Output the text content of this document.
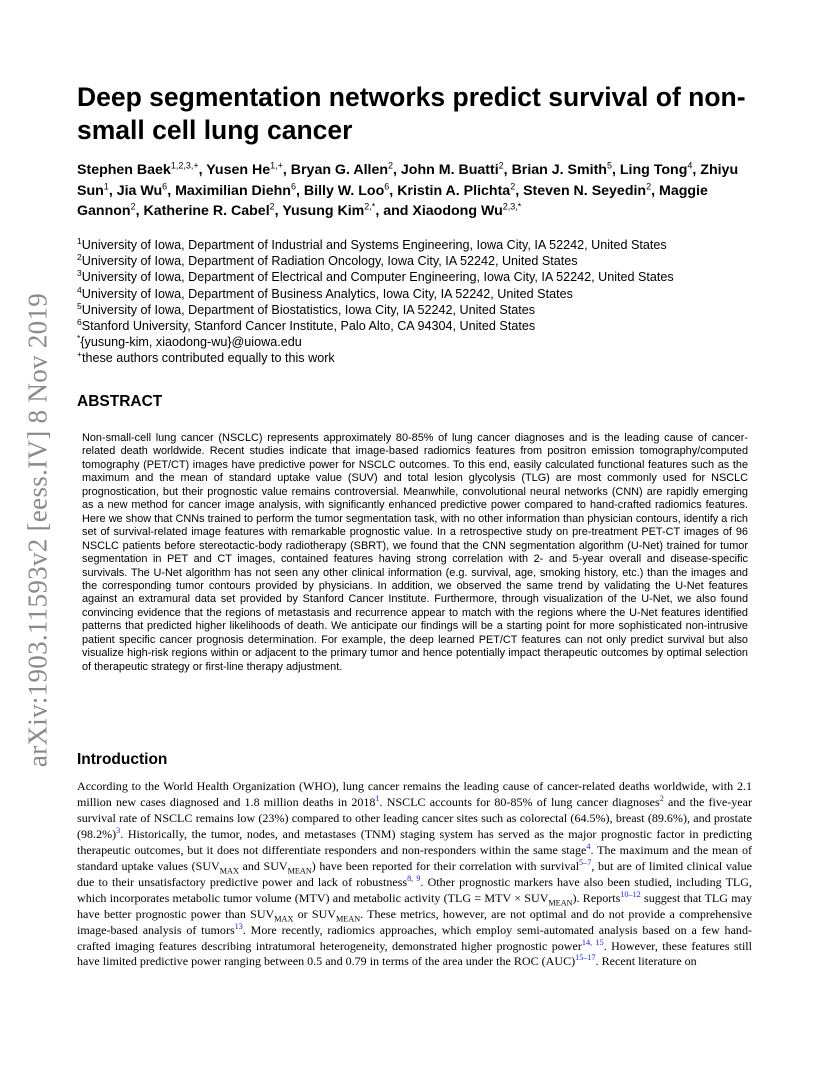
arXiv:1903.11593v2 [eess.IV] 8 Nov 2019
Deep segmentation networks predict survival of non-small cell lung cancer

Stephen Baek$^{1,2,3,+}$, Yusen $He^{1,+}$, Bryan G. Allen$^2$, John M. Buatti$^2$, Brian J. Smith$^5$, Ling Tong$^4$, Zhiyu Sun$^1$, Jia Wu$^6$, Maximilian Diehn$^6$, Billy W. Loo$^6$, Kristin A. Plichta$^2$, Steven N. Seyedin$^2$, Maggie Gannon$^2$, Katherine R. Cabel$^2$, Yusung Kim$^{2,*}$, and Xiaodong $Wu^{2,3,*}$

$^1$University of Iowa, Department of Industrial and Systems Engineering, Iowa City, IA 52242, United States
$^2$University of Iowa, Department of Radiation Oncology, Iowa City, IA 52242, United States
$^3$University of Iowa, Department of Electrical and Computer Engineering, Iowa City, IA 52242, United States
$^4$University of Iowa, Department of Business Analytics, Iowa City, IA 52242, United States
$^5$University of Iowa, Department of Biostatistics, Iowa City, IA 52242, United States
$^6$Stanford University, Stanford Cancer Institute, Palo Alto, CA 94304, United States
*{yusung-kim, xiaodong-wu}@uiowa.edu
+these authors contributed equally to this work
ABSTRACT

Non-small-cell lung cancer (NSCLC) represents approximately 80-85% of lung cancer diagnoses and is the leading cause of cancer-related death worldwide. Recent studies indicate that image-based radiomics features from positron emission tomography/computed tomography (PET/CT) images have predictive power for NSCLC outcomes. To this end, easily calculated functional features such as the maximum and the mean of standard uptake value (SUV) and total lesion glycolysis (TLG) are most commonly used for NSCLC prognostication, but their prognostic value remains controversial. Meanwhile, convolutional neural networks (CNN) are rapidly emerging as a new method for cancer image analysis, with significantly enhanced predictive power compared to hand-crafted radiomics features. Here we show that CNNs trained to perform the tumor segmentation task, with no other information than physician contours, identify a rich set of survival-related image features with remarkable prognostic value. In a retrospective study on pre-treatment PET-CT images of 96 NSCLC patients before stereotactic-body radiotherapy (SBRT), we found that the CNN segmentation algorithm (U-Net) trained for tumor segmentation in PET and CT images, contained features having strong correlation with 2- and 5-year overall and disease-specific survivals. The U-Net algorithm has not seen any other clinical information (e.g. survival, age, smoking history, etc.) than the images and the corresponding tumor contours provided by physicians. In addition, we observed the same trend by validating the U-Net features against an extramural data set provided by Stanford Cancer Institute. Furthermore, through visualization of the U-Net, we also found convincing evidence that the regions of metastasis and recurrence appear to match with the regions where the U-Net features identified patterns that predicted higher likelihoods of death. We anticipate our findings will be a starting point for more sophisticated non-intrusive patient specific cancer prognosis determination. For example, the deep learned PET/CT features can not only predict survival but also visualize high-risk regions within or adjacent to the primary tumor and hence potentially impact therapeutic outcomes by optimal selection of therapeutic strategy or first-line therapy adjustment.

Introduction

According to the World Health Organization (WHO), lung cancer remains the leading cause of cancer-related deaths worldwide, with 2.1 million new cases diagnosed and 1.8 million deaths in 2018$^1$. NSCLC accounts for 80-85% of lung cancer diagnoses$^2$ and the five-year survival rate of NSCLC remains low (23%) compared to other leading cancer sites such as colorectal (64.5%), breast (89.6%), and prostate (98.2%)$^3$. Historically, the tumor, nodes, and metastases (TNM) staging system has served as the major prognostic factor in predicting therapeutic outcomes, but it does not differentiate responders and non-responders within the same stage$^4$. The maximum and the mean of standard uptake values ($SUV_{MAX}$ and $SUV_{MEAN}$) have been reported for their correlation with survival$^{5-7}$, but are of limited clinical value due to their unsatisfactory predictive power and lack of robustness$^{8, 9}$. Other prognostic markers have also been studied, including TLG, which incorporates metabolic tumor volume (MTV) and metabolic activity (TLG = MTV × $SUV_{MEAN}$). Reports$^{10-12}$ suggest that TLG may have better prognostic power than $SUV_{MAX}$ or $SUV_{MEAN}$. These metrics, however, are not optimal and do not provide a comprehensive image-based analysis of tumors$^{13}$. More recently, radiomics approaches, which employ semi-automated analysis based on a few hand-crafted imaging features describing intratumoral heterogeneity, demonstrated higher prognostic power$^{14, 15}$. However, these features still have limited predictive power ranging between 0.5 and 0.79 in terms of the area under the ROC (AUC)$^{15-17}$. Recent literature on
